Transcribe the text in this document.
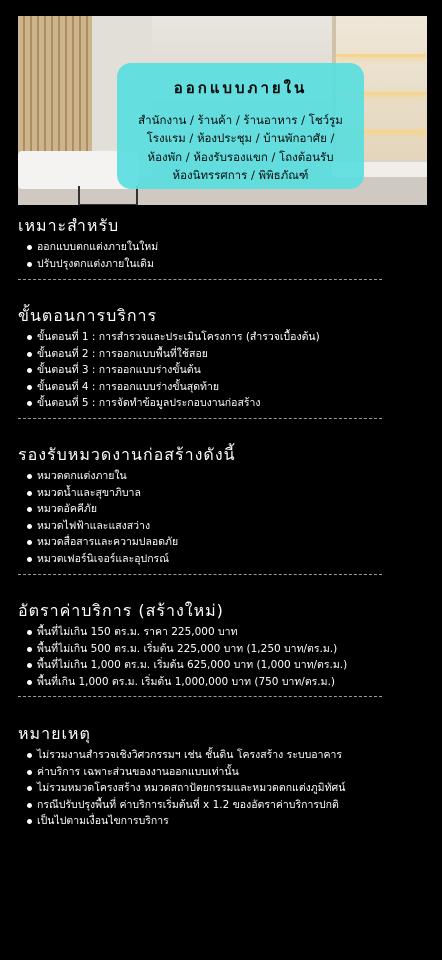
ออกแบบภายใน
สำนักงาน / ร้านค้า / ร้านอาหาร / โชว์รูม
โรงแรม / ห้องประชุม / บ้านพักอาศัย /
ห้องพัก / ห้องรับรองแขก / โถงต้อนรับ
ห้องนิทรรศการ / พิพิธภัณฑ์
เหมาะสำหรับ
ออกแบบตกแต่งภายในใหม่
ปรับปรุงตกแต่งภายในเดิม
ขั้นตอนการบริการ
ขั้นตอนที่ 1 : การสำรวจและประเมินโครงการ (สำรวจเบื้องต้น)
ขั้นตอนที่ 2 : การออกแบบพื้นที่ใช้สอย
ขั้นตอนที่ 3 : การออกแบบร่างขั้นต้น
ขั้นตอนที่ 4 : การออกแบบร่างขั้นสุดท้าย
ขั้นตอนที่ 5 : การจัดทำข้อมูลประกอบงานก่อสร้าง
รองรับหมวดงานก่อสร้างดังนี้
หมวดตกแต่งภายใน
หมวดน้ำและสุขาภิบาล
หมวดอัคคีภัย
หมวดไฟฟ้าและแสงสว่าง
หมวดสื่อสารและความปลอดภัย
หมวดเฟอร์นิเจอร์และอุปกรณ์
อัตราค่าบริการ (สร้างใหม่)
พื้นที่ไม่เกิน 150 ตร.ม. ราคา 225,000 บาท
พื้นที่ไม่เกิน 500 ตร.ม. เริ่มต้น 225,000 บาท (1,250 บาท/ตร.ม.)
พื้นที่ไม่เกิน 1,000 ตร.ม. เริ่มต้น 625,000 บาท (1,000 บาท/ตร.ม.)
พื้นที่เกิน 1,000 ตร.ม. เริ่มต้น 1,000,000 บาท (750 บาท/ตร.ม.)
หมายเหตุ
ไม่รวมงานสำรวจเชิงวิศวกรรมฯ เช่น ชั้นดิน โครงสร้าง ระบบอาคาร
ค่าบริการ เฉพาะส่วนของงานออกแบบเท่านั้น
ไม่รวมหมวดโครงสร้าง หมวดสถาปัตยกรรมและหมวดตกแต่งภูมิทัศน์
กรณีปรับปรุงพื้นที่ ค่าบริการเริ่มต้นที่ x 1.2 ของอัตราค่าบริการปกติ
เป็นไปตามเงื่อนไขการบริการ
